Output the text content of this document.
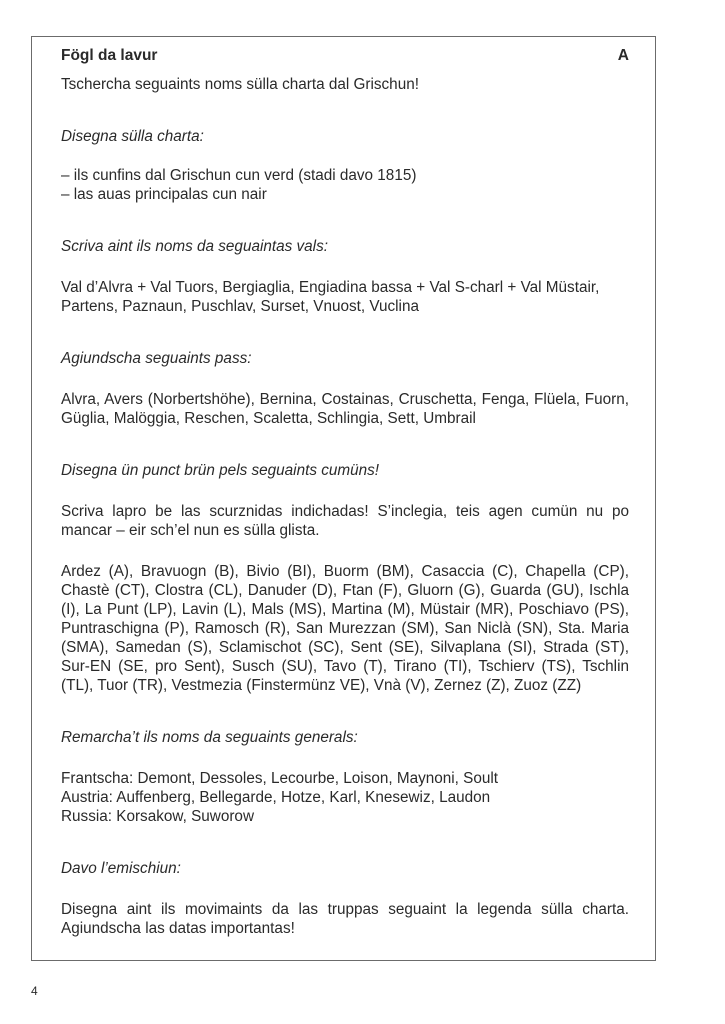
Fögl da lavur	A

Tschercha seguaints noms sülla charta dal Grischun!

Disegna sülla charta:

– ils cunfins dal Grischun cun verd (stadi davo 1815)
– las auas principalas cun nair

Scriva aint ils noms da seguaintas vals:

Val d’Alvra + Val Tuors, Bergiaglia, Engiadina bassa + Val S-charl + Val Müstair, Partens, Paznaun, Puschlav, Surset, Vnuost, Vuclina

Agiundscha seguaints pass:

Alvra, Avers (Norbertshöhe), Bernina, Costainas, Cruschetta, Fenga, Flüela, Fuorn, Güglia, Malöggia, Reschen, Scaletta, Schlingia, Sett, Umbrail

Disegna ün punct brün pels seguaints cumüns!

Scriva lapro be las scurznidas indichadas! S’inclegia, teis agen cumün nu po mancar – eir sch’el nun es sülla glista.

Ardez (A), Bravuogn (B), Bivio (BI), Buorm (BM), Casaccia (C), Chapella (CP), Chastè (CT), Clostra (CL), Danuder (D), Ftan (F), Gluorn (G), Guarda (GU), Ischla (I), La Punt (LP), Lavin (L), Mals (MS), Martina (M), Müstair (MR), Poschiavo (PS), Puntraschigna (P), Ramosch (R), San Murezzan (SM), San Niclà (SN), Sta. Maria (SMA), Samedan (S), Sclamischot (SC), Sent (SE), Silvaplana (SI), Strada (ST), Sur-EN (SE, pro Sent), Susch (SU), Tavo (T), Tirano (TI), Tschierv (TS), Tschlin (TL), Tuor (TR), Vestmezia (Finstermünz VE), Vnà (V), Zernez (Z), Zuoz (ZZ)

Remarcha’t ils noms da seguaints generals:

Frantscha: Demont, Dessoles, Lecourbe, Loison, Maynoni, Soult

Austria: Auffenberg, Bellegarde, Hotze, Karl, Knesewiz, Laudon

Russia: Korsakow, Suworow

Davo l’emischiun:

Disegna aint ils movimaints da las truppas seguaint la legenda sülla charta. Agiundscha las datas importantas!

4
